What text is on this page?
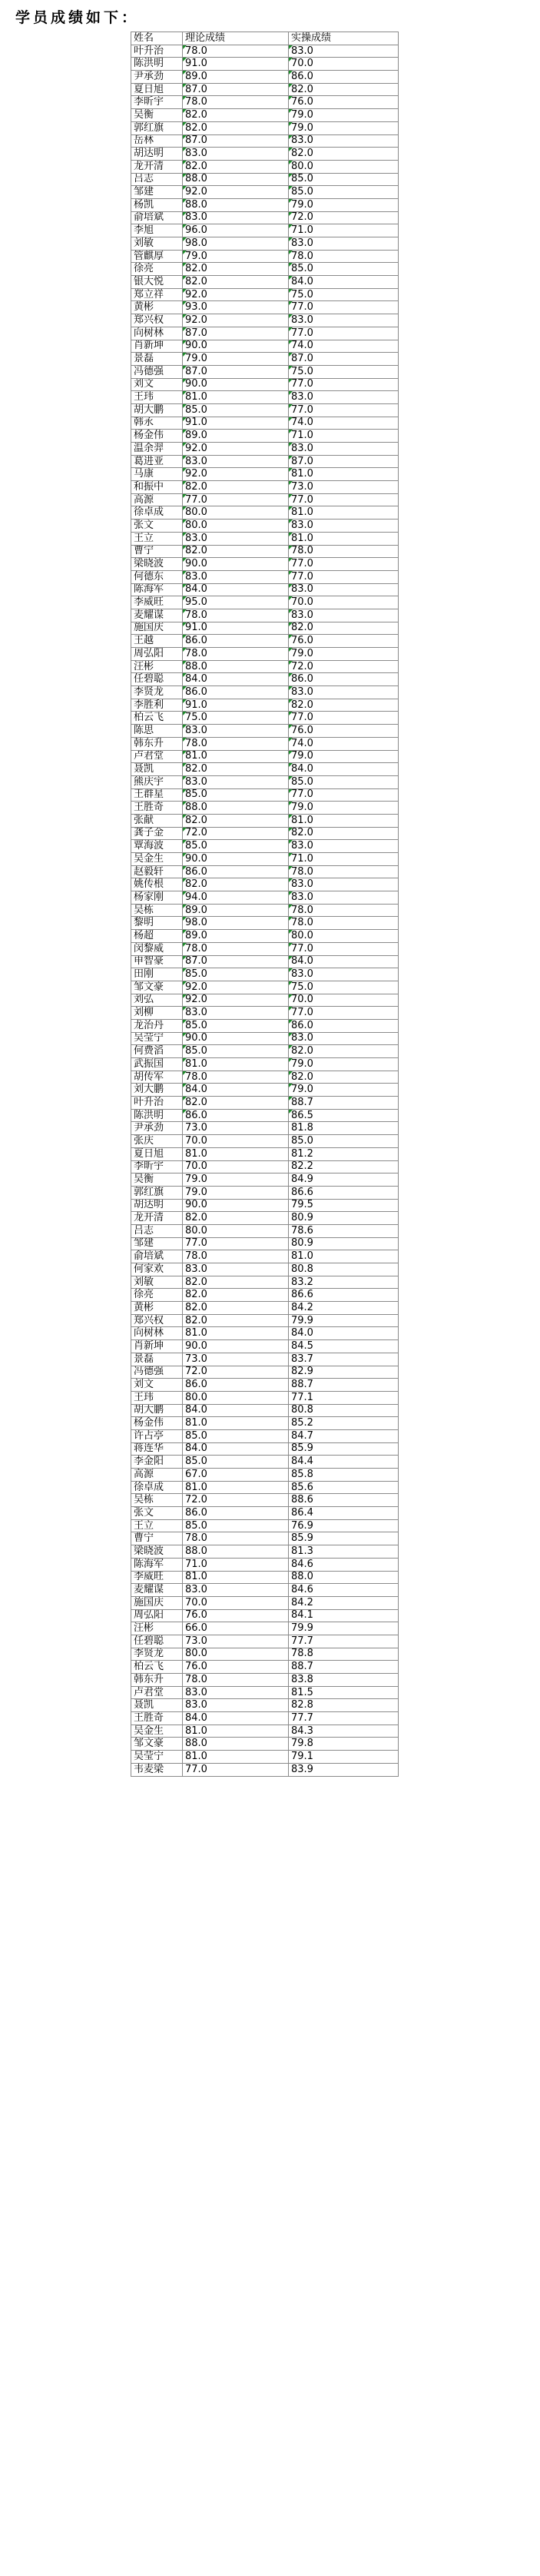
学员成绩如下：
姓名	理论成绩	实操成绩
叶升治	78.0	83.0
陈洪明	91.0	70.0
尹承劲	89.0	86.0
夏日旭	87.0	82.0
李昕宇	78.0	76.0
吴衡	82.0	79.0
郭红旗	82.0	79.0
岳林	87.0	83.0
胡达明	83.0	82.0
龙开清	82.0	80.0
吕志	88.0	85.0
邹建	92.0	85.0
杨凯	88.0	79.0
俞培斌	83.0	72.0
李旭	96.0	71.0
刘敏	98.0	83.0
管麒厚	79.0	78.0
徐亮	82.0	85.0
银大悦	82.0	84.0
郑立祥	92.0	75.0
黄彬	93.0	77.0
郑兴权	92.0	83.0
向树林	87.0	77.0
肖新坤	90.0	74.0
景磊	79.0	87.0
冯德强	87.0	75.0
刘文	90.0	77.0
王玮	81.0	83.0
胡大鹏	85.0	77.0
韩永	91.0	74.0
杨金伟	89.0	71.0
温余羿	92.0	83.0
葛进亚	83.0	87.0
马康	92.0	81.0
和振中	82.0	73.0
高源	77.0	77.0
徐卓成	80.0	81.0
张文	80.0	83.0
王立	83.0	81.0
曹宁	82.0	78.0
梁晓波	90.0	77.0
何德东	83.0	77.0
陈海军	84.0	83.0
李威旺	95.0	70.0
麦耀谋	78.0	83.0
施国庆	91.0	82.0
王越	86.0	76.0
周弘阳	78.0	79.0
汪彬	88.0	72.0
任碧聪	84.0	86.0
李贤龙	86.0	83.0
李胜利	91.0	82.0
柏云飞	75.0	77.0
陈思	83.0	76.0
韩东升	78.0	74.0
卢君堂	81.0	79.0
聂凯	82.0	84.0
熊庆宇	83.0	85.0
王群星	85.0	77.0
王胜奇	88.0	79.0
张献	82.0	81.0
龚子金	72.0	82.0
覃海波	85.0	83.0
吴金生	90.0	71.0
赵毅轩	86.0	78.0
姚传根	82.0	83.0
杨家刚	94.0	83.0
吴栋	89.0	78.0
黎明	98.0	78.0
杨超	89.0	80.0
闵黎威	78.0	77.0
申智豪	87.0	84.0
田刚	85.0	83.0
邹文豪	92.0	75.0
刘弘	92.0	70.0
刘柳	83.0	77.0
龙治丹	85.0	86.0
吴莹宁	90.0	83.0
何费滔	85.0	82.0
武振国	81.0	79.0
胡传军	78.0	82.0
刘大鹏	84.0	79.0
叶升治	82.0	88.7
陈洪明	86.0	86.5
尹承劲	73.0	81.8
张庆	70.0	85.0
夏日旭	81.0	81.2
李昕宇	70.0	82.2
吴衡	79.0	84.9
郭红旗	79.0	86.6
胡达明	90.0	79.5
龙开清	82.0	80.9
吕志	80.0	78.6
邹建	77.0	80.9
俞培斌	78.0	81.0
何家欢	83.0	80.8
刘敏	82.0	83.2
徐亮	82.0	86.6
黄彬	82.0	84.2
郑兴权	82.0	79.9
向树林	81.0	84.0
肖新坤	90.0	84.5
景磊	73.0	83.7
冯德强	72.0	82.9
刘文	86.0	88.7
王玮	80.0	77.1
胡大鹏	84.0	80.8
杨金伟	81.0	85.2
许占亭	85.0	84.7
蒋连华	84.0	85.9
李金阳	85.0	84.4
高源	67.0	85.8
徐卓成	81.0	85.6
吴栋	72.0	88.6
张文	86.0	86.4
王立	85.0	76.9
曹宁	78.0	85.9
梁晓波	88.0	81.3
陈海军	71.0	84.6
李威旺	81.0	88.0
麦耀谋	83.0	84.6
施国庆	70.0	84.2
周弘阳	76.0	84.1
汪彬	66.0	79.9
任碧聪	73.0	77.7
李贤龙	80.0	78.8
柏云飞	76.0	88.7
韩东升	78.0	83.8
卢君堂	83.0	81.5
聂凯	83.0	82.8
王胜奇	84.0	77.7
吴金生	81.0	84.3
邹文豪	88.0	79.8
吴莹宁	81.0	79.1
韦麦梁	77.0	83.9
